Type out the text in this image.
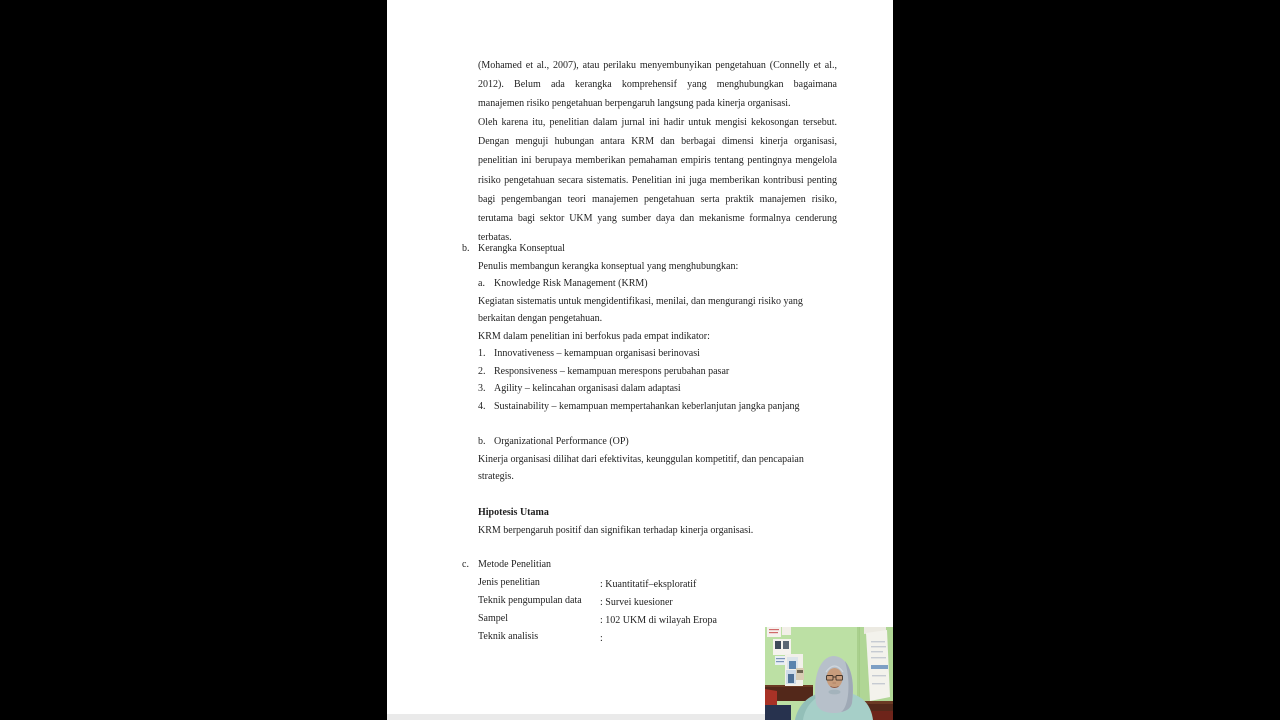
(Mohamed et al., 2007), atau perilaku menyembunyikan pengetahuan (Connelly et al.,
2012). Belum ada kerangka komprehensif yang menghubungkan bagaimana
manajemen risiko pengetahuan berpengaruh langsung pada kinerja organisasi.
Oleh karena itu, penelitian dalam jurnal ini hadir untuk mengisi kekosongan tersebut.
Dengan menguji hubungan antara KRM dan berbagai dimensi kinerja organisasi,
penelitian ini berupaya memberikan pemahaman empiris tentang pentingnya mengelola
risiko pengetahuan secara sistematis. Penelitian ini juga memberikan kontribusi penting
bagi pengembangan teori manajemen pengetahuan serta praktik manajemen risiko,
terutama bagi sektor UKM yang sumber daya dan mekanisme formalnya cenderung
terbatas.
b. Kerangka Konseptual
Penulis membangun kerangka konseptual yang menghubungkan:
a. Knowledge Risk Management (KRM)
Kegiatan sistematis untuk mengidentifikasi, menilai, dan mengurangi risiko yang
berkaitan dengan pengetahuan.
KRM dalam penelitian ini berfokus pada empat indikator:
1. Innovativeness – kemampuan organisasi berinovasi
2. Responsiveness – kemampuan merespons perubahan pasar
3. Agility – kelincahan organisasi dalam adaptasi
4. Sustainability – kemampuan mempertahankan keberlanjutan jangka panjang
b. Organizational Performance (OP)
Kinerja organisasi dilihat dari efektivitas, keunggulan kompetitif, dan pencapaian
strategis.
Hipotesis Utama
KRM berpengaruh positif dan signifikan terhadap kinerja organisasi.
c. Metode Penelitian
Jenis penelitian	: Kuantitatif–eksploratif
Teknik pengumpulan data : Survei kuesioner
Sampel	: 102 UKM di wilayah Eropa
Teknik analisis	:
